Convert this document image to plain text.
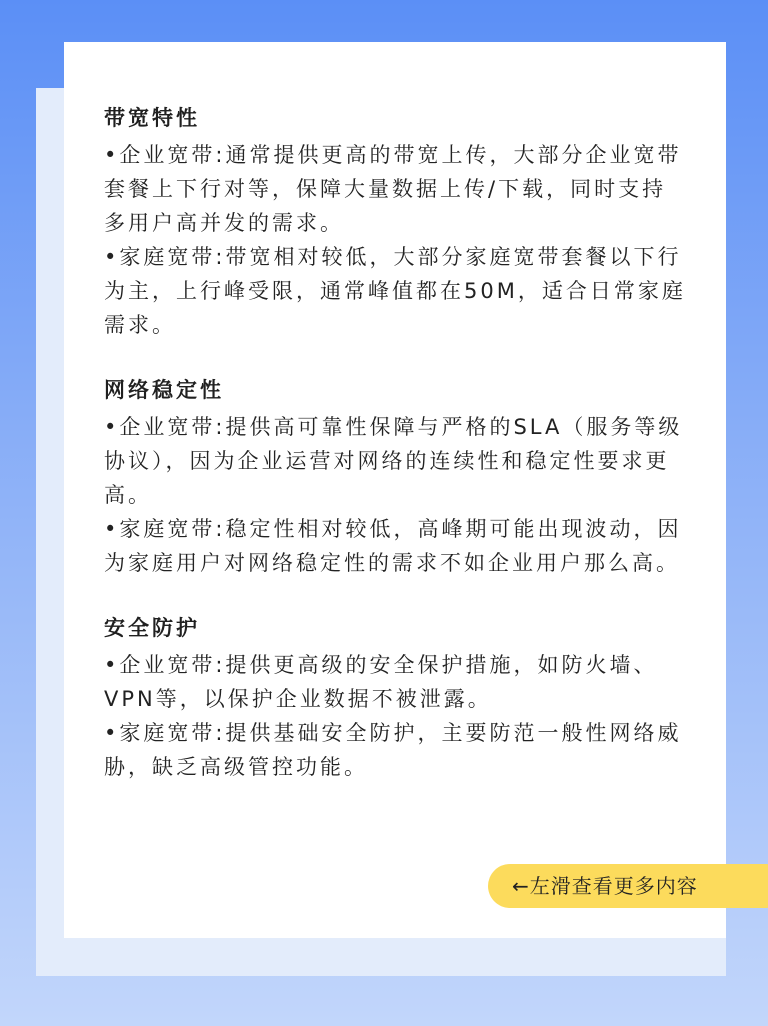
带宽特性

•企业宽带:通常提供更高的带宽上传，大部分企业宽带套餐上下行对等，保障大量数据上传/下载，同时支持多用户高并发的需求。

•家庭宽带:带宽相对较低，大部分家庭宽带套餐以下行为主，上行峰受限，通常峰值都在50M，适合日常家庭需求。

网络稳定性

•企业宽带:提供高可靠性保障与严格的SLA（服务等级协议），因为企业运营对网络的连续性和稳定性要求更高。

•家庭宽带:稳定性相对较低，高峰期可能出现波动，因为家庭用户对网络稳定性的需求不如企业用户那么高。

安全防护

•企业宽带:提供更高级的安全保护措施，如防火墙、VPN等，以保护企业数据不被泄露。

•家庭宽带:提供基础安全防护，主要防范一般性网络威胁，缺乏高级管控功能。

←左滑查看更多内容
